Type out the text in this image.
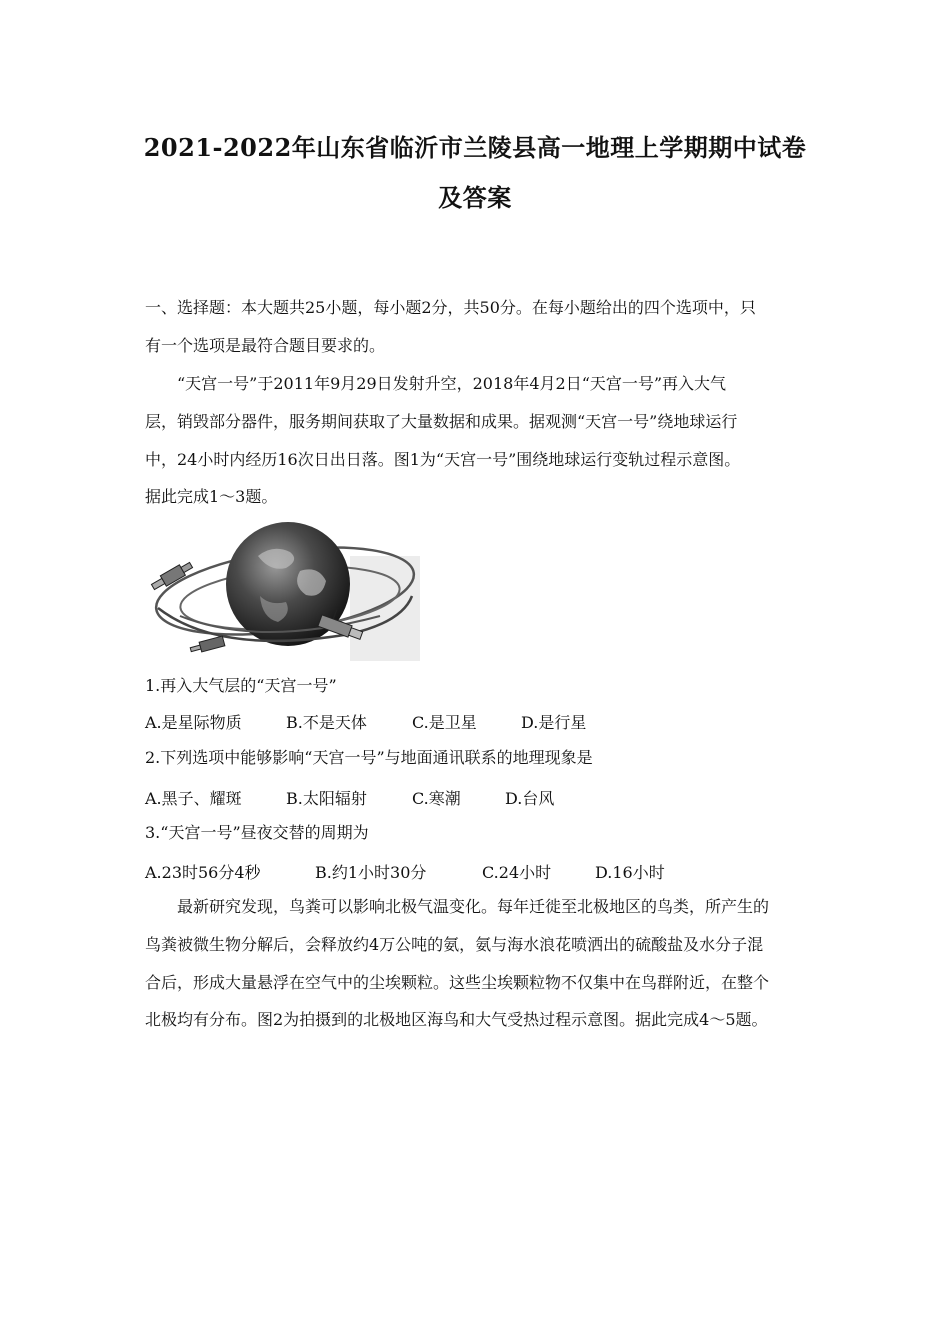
2021-2022年山东省临沂市兰陵县高一地理上学期期中试卷
及答案
一、选择题：本大题共25小题，每小题2分，共50分。在每小题给出的四个选项中，只
有一个选项是最符合题目要求的。
“天宫一号”于2011年9月29日发射升空，2018年4月2日“天宫一号”再入大气
层，销毁部分器件，服务期间获取了大量数据和成果。据观测“天宫一号”绕地球运行
中，24小时内经历16次日出日落。图1为“天宫一号”围绕地球运行变轨过程示意图。
据此完成1～3题。
1.再入大气层的“天宫一号”
A.是星际物质	B.不是天体	C.是卫星	D.是行星
2.下列选项中能够影响“天宫一号”与地面通讯联系的地理现象是
A.黑子、耀斑	B.太阳辐射	C.寒潮	D.台风
3.“天宫一号”昼夜交替的周期为
A.23时56分4秒	B.约1小时30分	C.24小时	D.16小时
最新研究发现，鸟粪可以影响北极气温变化。每年迁徙至北极地区的鸟类，所产生的
鸟粪被微生物分解后，会释放约4万公吨的氨，氨与海水浪花喷洒出的硫酸盐及水分子混
合后，形成大量悬浮在空气中的尘埃颗粒。这些尘埃颗粒物不仅集中在鸟群附近，在整个
北极均有分布。图2为拍摄到的北极地区海鸟和大气受热过程示意图。据此完成4～5题。
